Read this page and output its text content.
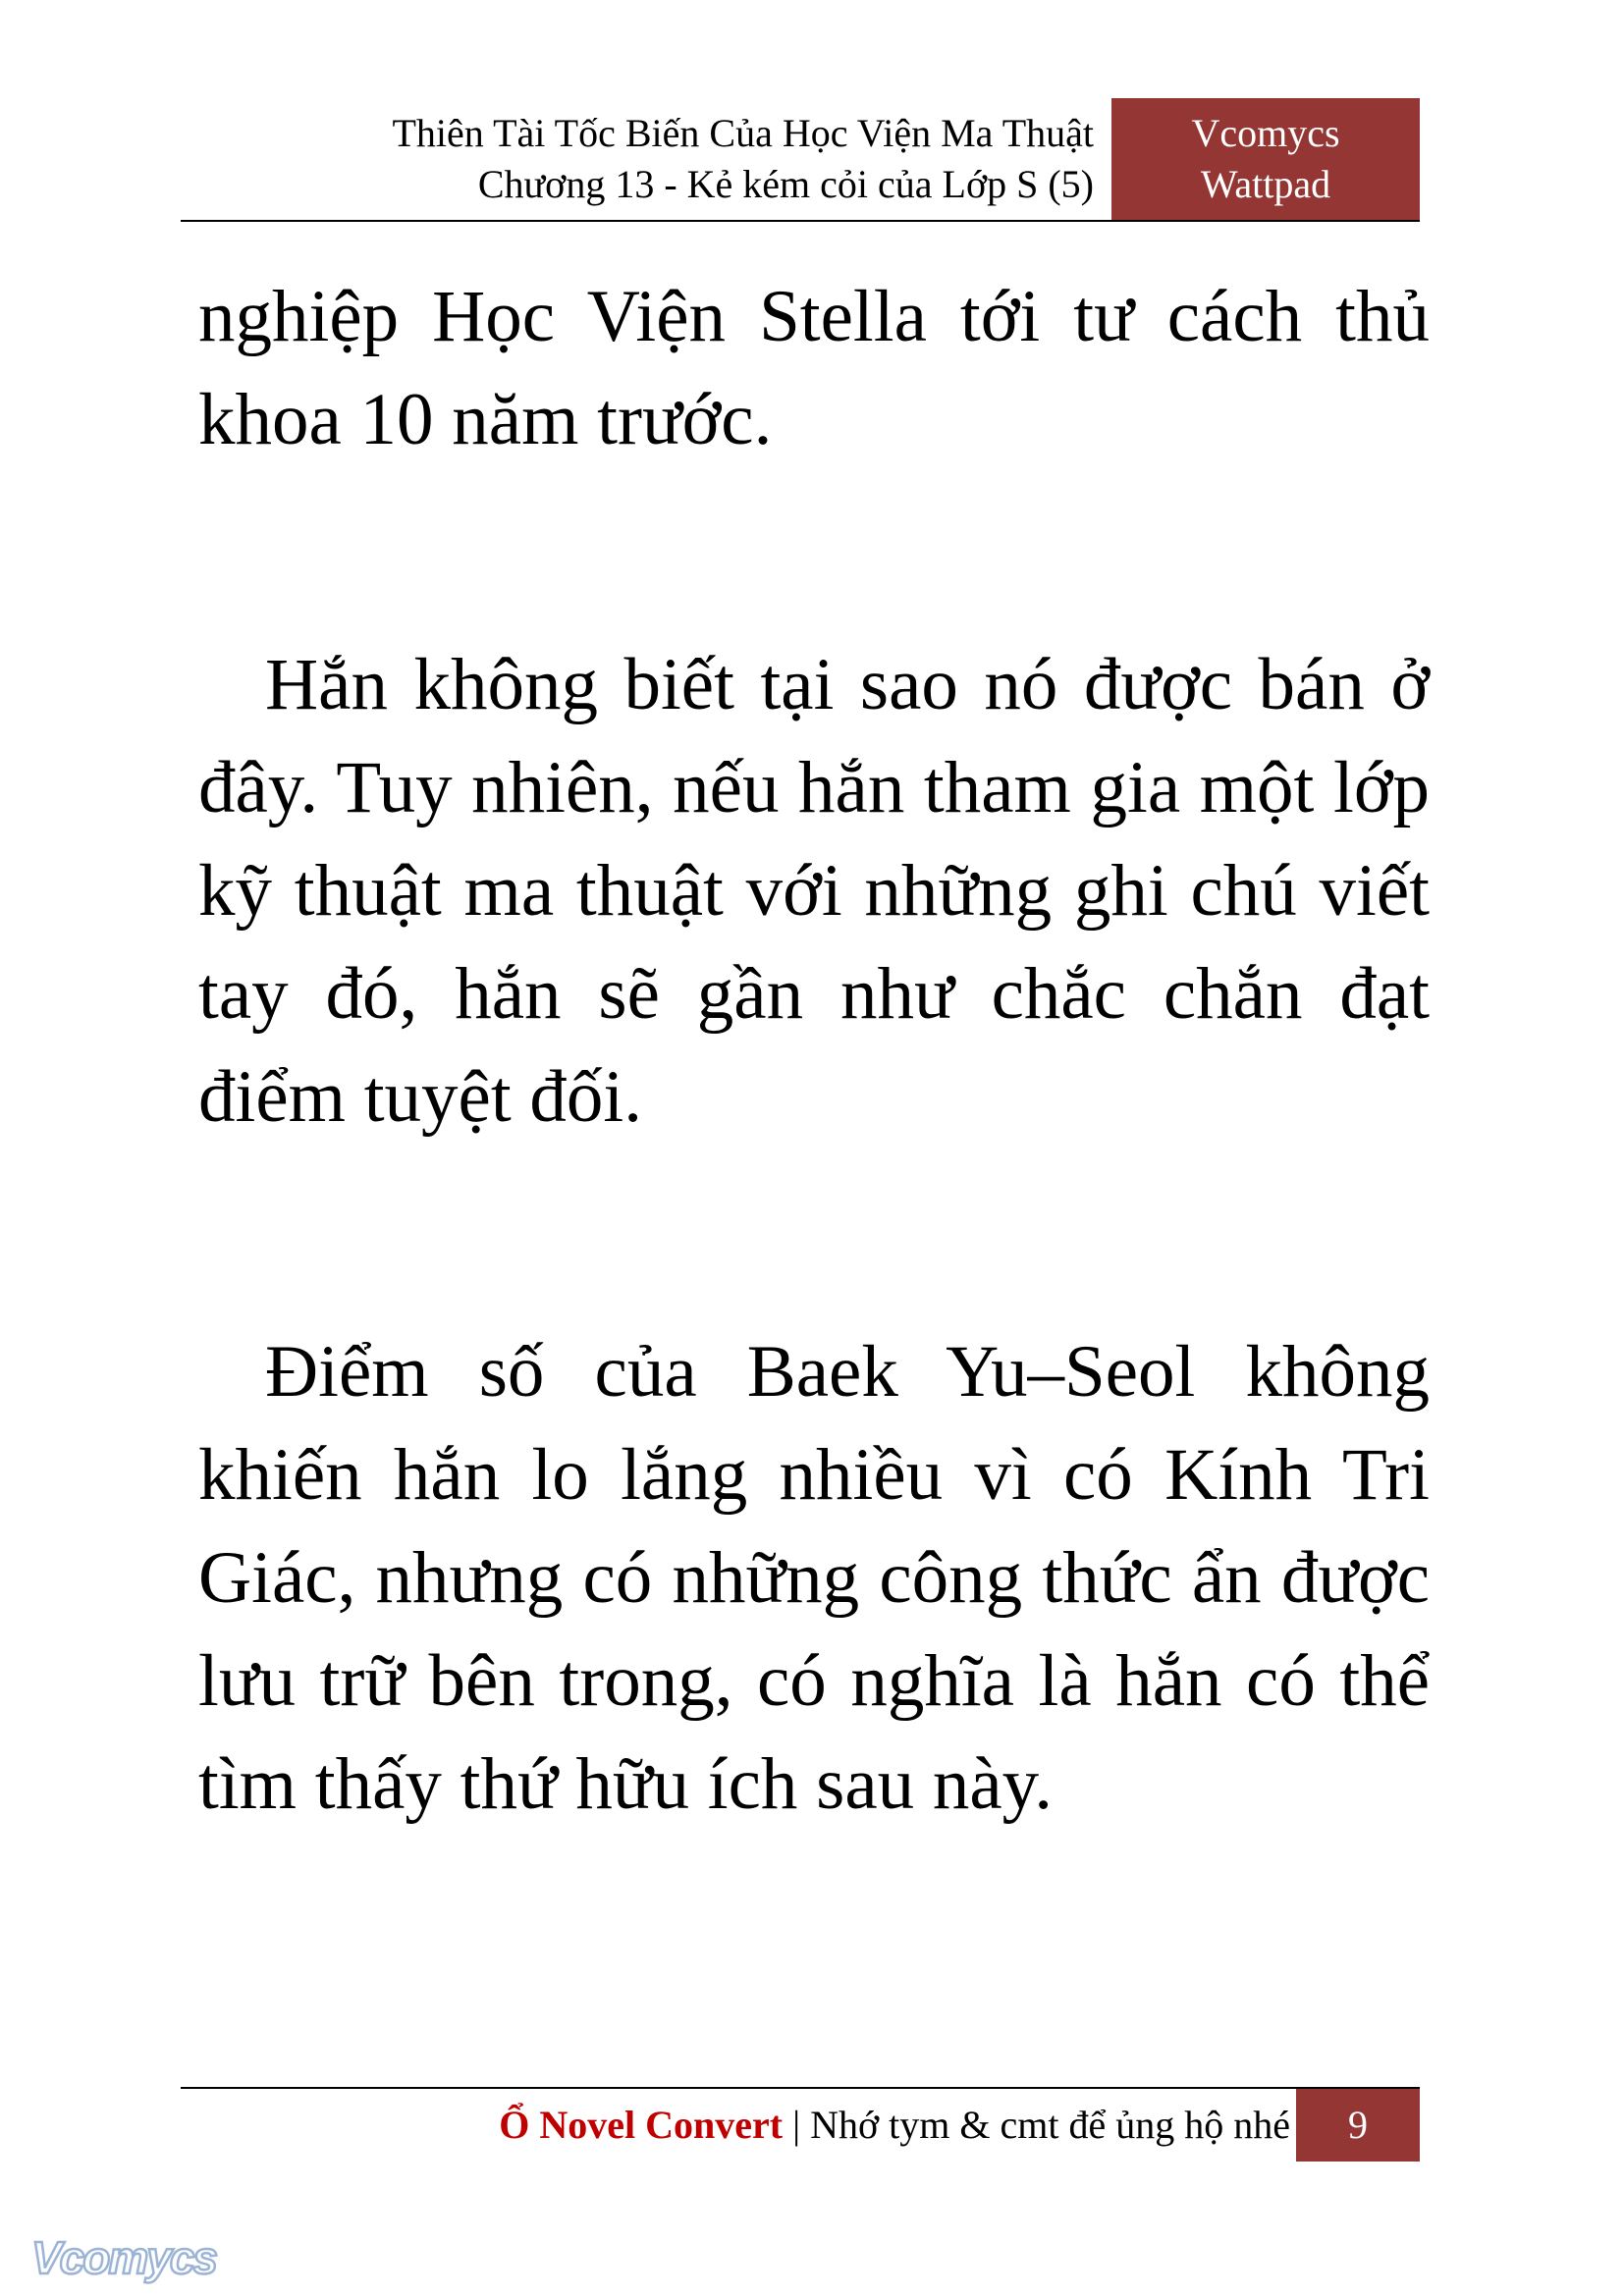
Thiên Tài Tốc Biến Của Học Viện Ma Thuật
Chương 13 - Kẻ kém cỏi của Lớp S (5)
Vcomycs
Wattpad

nghiệp Học Viện Stella tới tư cách thủ khoa 10 năm trước.

Hắn không biết tại sao nó được bán ở đây. Tuy nhiên, nếu hắn tham gia một lớp kỹ thuật ma thuật với những ghi chú viết tay đó, hắn sẽ gần như chắc chắn đạt điểm tuyệt đối.

Điểm số của Baek Yu–Seol không khiến hắn lo lắng nhiều vì có Kính Tri Giác, nhưng có những công thức ẩn được lưu trữ bên trong, có nghĩa là hắn có thể tìm thấy thứ hữu ích sau này.

Ổ Novel Convert | Nhớ tym & cmt để ủng hộ nhé	9
Vcomycs
